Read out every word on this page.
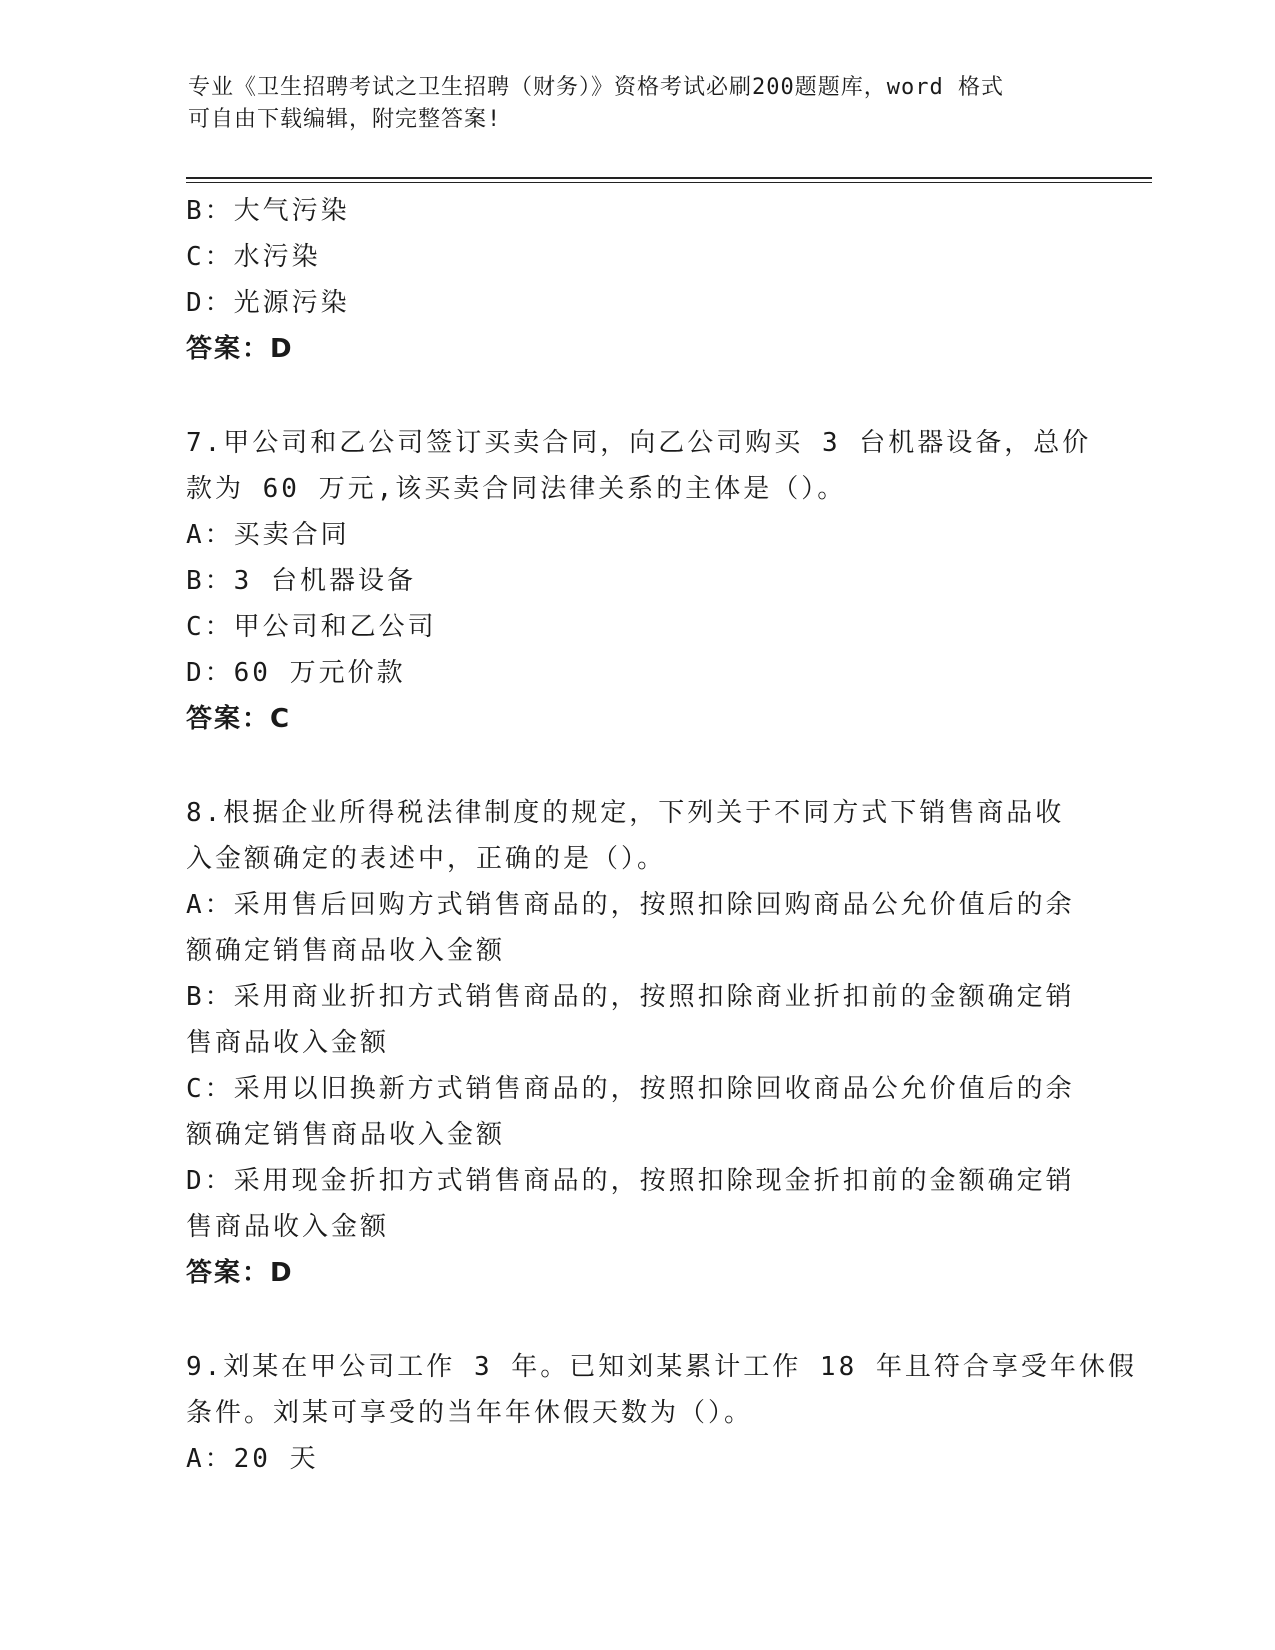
专业《卫生招聘考试之卫生招聘（财务）》资格考试必刷200题题库，word 格式
可自由下载编辑，附完整答案!
B：大气污染
C：水污染
D：光源污染
答案：D
7.甲公司和乙公司签订买卖合同，向乙公司购买 3 台机器设备，总价
款为 60 万元,该买卖合同法律关系的主体是（）。
A：买卖合同
B：3 台机器设备
C：甲公司和乙公司
D：60 万元价款
答案：C
8.根据企业所得税法律制度的规定，下列关于不同方式下销售商品收
入金额确定的表述中，正确的是（）。
A：采用售后回购方式销售商品的，按照扣除回购商品公允价值后的余
额确定销售商品收入金额
B：采用商业折扣方式销售商品的，按照扣除商业折扣前的金额确定销
售商品收入金额
C：采用以旧换新方式销售商品的，按照扣除回收商品公允价值后的余
额确定销售商品收入金额
D：采用现金折扣方式销售商品的，按照扣除现金折扣前的金额确定销
售商品收入金额
答案：D
9.刘某在甲公司工作 3 年。已知刘某累计工作 18 年且符合享受年休假
条件。刘某可享受的当年年休假天数为（）。
A：20 天
